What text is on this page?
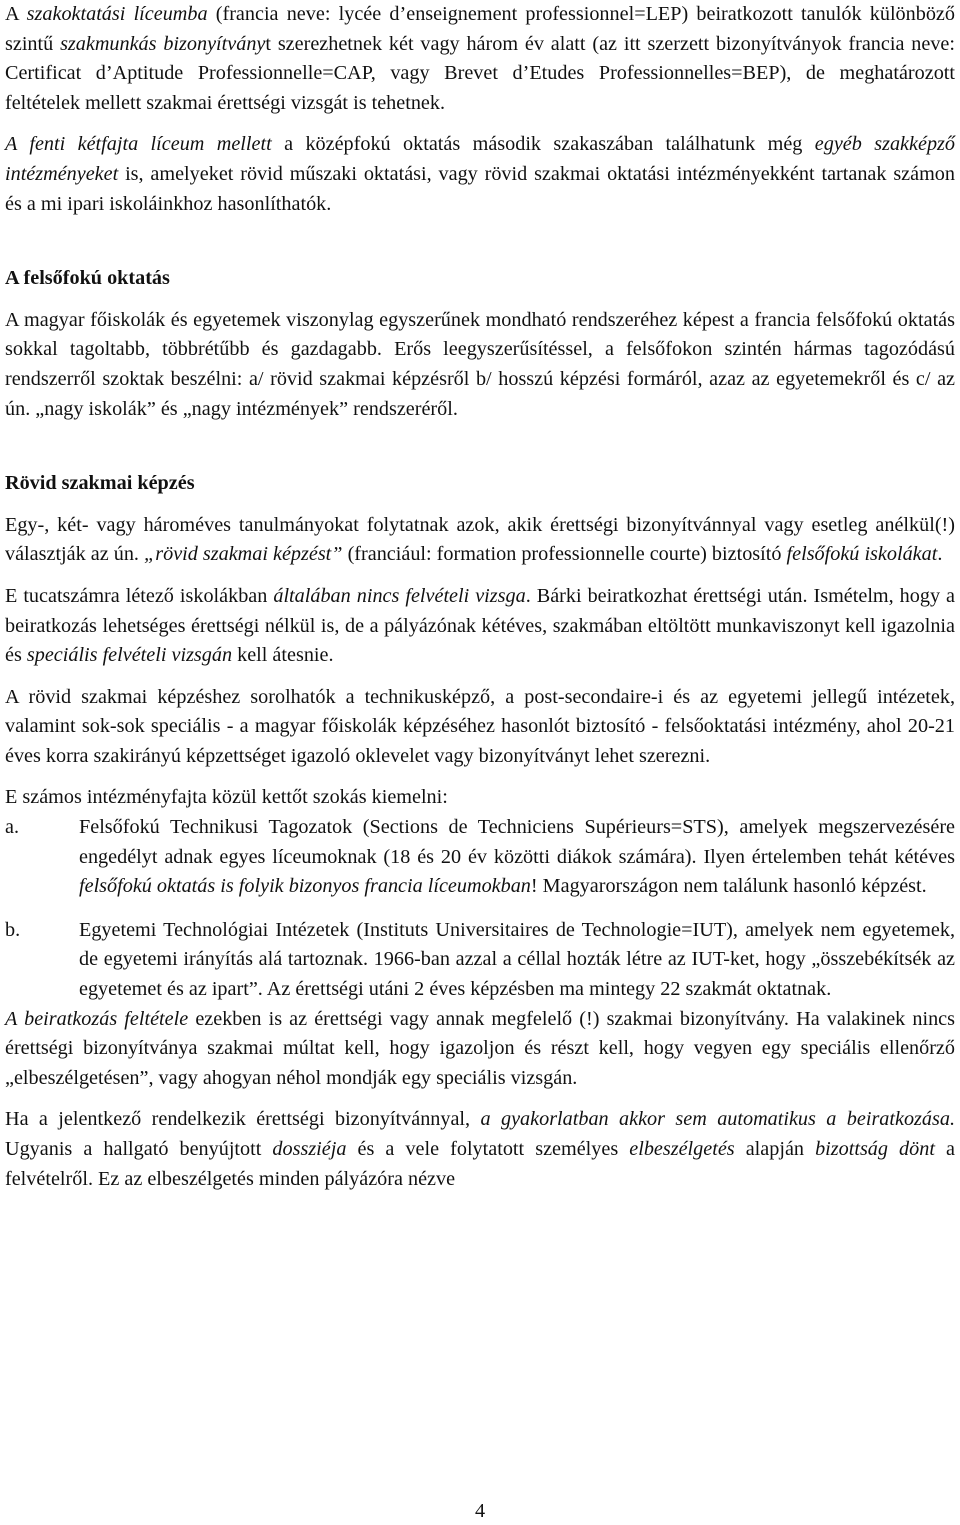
A szakoktatási líceumba (francia neve: lycée d’enseignement professionnel=LEP) beiratkozott tanulók különböző szintű szakmunkás bizonyítványt szerezhetnek két vagy három év alatt (az itt szerzett bizonyítványok francia neve: Certificat d’Aptitude Professionnelle=CAP, vagy Brevet d’Etudes Professionnelles=BEP), de meghatározott feltételek mellett szakmai érettségi vizsgát is tehetnek.

A fenti kétfajta líceum mellett a középfokú oktatás második szakaszában találhatunk még egyéb szakképző intézményeket is, amelyeket rövid műszaki oktatási, vagy rövid szakmai oktatási intézményekként tartanak számon és a mi ipari iskoláinkhoz hasonlíthatók.

A felsőfokú oktatás

A magyar főiskolák és egyetemek viszonylag egyszerűnek mondható rendszeréhez képest a francia felsőfokú oktatás sokkal tagoltabb, többrétűbb és gazdagabb. Erős leegyszerűsítéssel, a felsőfokon szintén hármas tagozódású rendszerről szoktak beszélni: a/ rövid szakmai képzésről b/ hosszú képzési formáról, azaz az egyetemekről és c/ az ún. „nagy iskolák” és „nagy intézmények” rendszeréről.

Rövid szakmai képzés

Egy-, két- vagy hároméves tanulmányokat folytatnak azok, akik érettségi bizonyítvánnyal vagy esetleg anélkül(!) választják az ún. „rövid szakmai képzést” (franciául: formation professionnelle courte) biztosító felsőfokú iskolákat.

E tucatszámra létező iskolákban általában nincs felvételi vizsga. Bárki beiratkozhat érettségi után. Ismételm, hogy a beiratkozás lehetséges érettségi nélkül is, de a pályázónak kétéves, szakmában eltöltött munkaviszonyt kell igazolnia és speciális felvételi vizsgán kell átesnie.

A rövid szakmai képzéshez sorolhatók a technikusképző, a post-secondaire-i és az egyetemi jellegű intézetek, valamint sok-sok speciális - a magyar főiskolák képzéséhez hasonlót biztosító - felsőoktatási intézmény, ahol 20-21 éves korra szakirányú képzettséget igazoló oklevelet vagy bizonyítványt lehet szerezni.

E számos intézményfajta közül kettőt szokás kiemelni:

a.	Felsőfokú Technikusi Tagozatok (Sections de Techniciens Supérieurs=STS), amelyek megszervezésére engedélyt adnak egyes líceumoknak (18 és 20 év közötti diákok számára). Ilyen értelemben tehát kétéves felsőfokú oktatás is folyik bizonyos francia líceumokban! Magyarországon nem találunk hasonló képzést.
b.	Egyetemi Technológiai Intézetek (Instituts Universitaires de Technologie=IUT), amelyek nem egyetemek, de egyetemi irányítás alá tartoznak. 1966-ban azzal a céllal hozták létre az IUT-ket, hogy „összebékítsék az egyetemet és az ipart”. Az érettségi utáni 2 éves képzésben ma mintegy 22 szakmát oktatnak.

A beiratkozás feltétele ezekben is az érettségi vagy annak megfelelő (!) szakmai bizonyítvány. Ha valakinek nincs érettségi bizonyítványa szakmai múltat kell, hogy igazoljon és részt kell, hogy vegyen egy speciális ellenőrző „elbeszélgetésen”, vagy ahogyan néhol mondják egy speciális vizsgán.

Ha a jelentkező rendelkezik érettségi bizonyítvánnyal, a gyakorlatban akkor sem automatikus a beiratkozása. Ugyanis a hallgató benyújtott dossziéja és a vele folytatott személyes elbeszélgetés alapján bizottság dönt a felvételről. Ez az elbeszélgetés minden pályázóra nézve

4
